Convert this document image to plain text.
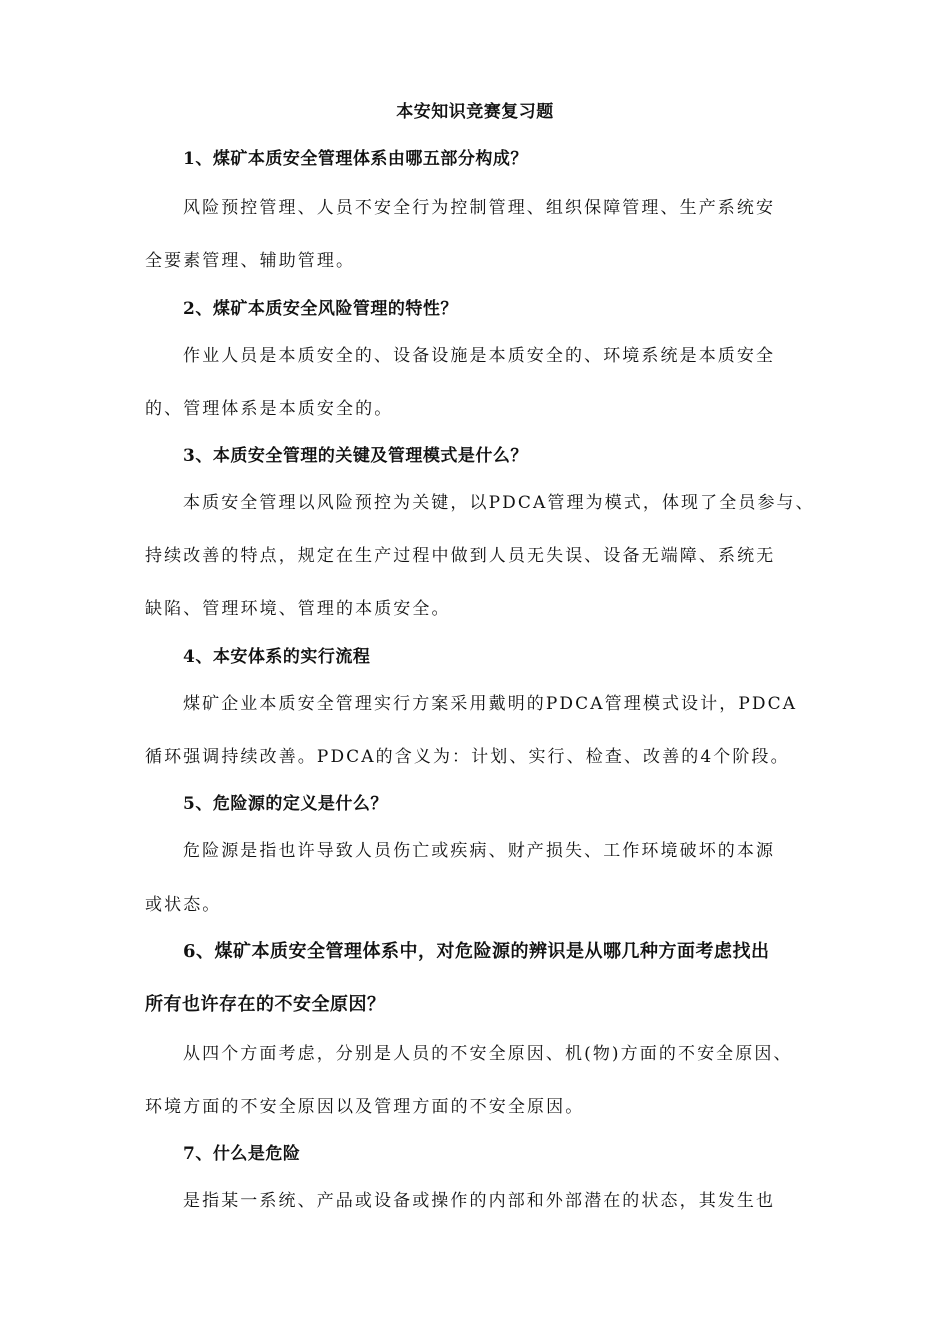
本安知识竞赛复习题
1、煤矿本质安全管理体系由哪五部分构成？
风险预控管理、人员不安全行为控制管理、组织保障管理、生产系统安
全要素管理、辅助管理。
2、煤矿本质安全风险管理的特性？
作业人员是本质安全的、设备设施是本质安全的、环境系统是本质安全
的、管理体系是本质安全的。
3、本质安全管理的关键及管理模式是什么？
本质安全管理以风险预控为关键，以PDCA管理为模式，体现了全员参与、
持续改善的特点，规定在生产过程中做到人员无失误、设备无端障、系统无
缺陷、管理环境、管理的本质安全。
4、本安体系的实行流程
煤矿企业本质安全管理实行方案采用戴明的PDCA管理模式设计，PDCA
循环强调持续改善。PDCA的含义为：计划、实行、检查、改善的4个阶段。
5、危险源的定义是什么？
危险源是指也许导致人员伤亡或疾病、财产损失、工作环境破坏的本源
或状态。
6、煤矿本质安全管理体系中，对危险源的辨识是从哪几种方面考虑找出
所有也许存在的不安全原因？
从四个方面考虑，分别是人员的不安全原因、机(物)方面的不安全原因、
环境方面的不安全原因以及管理方面的不安全原因。
7、什么是危险
是指某一系统、产品或设备或操作的内部和外部潜在的状态，其发生也
